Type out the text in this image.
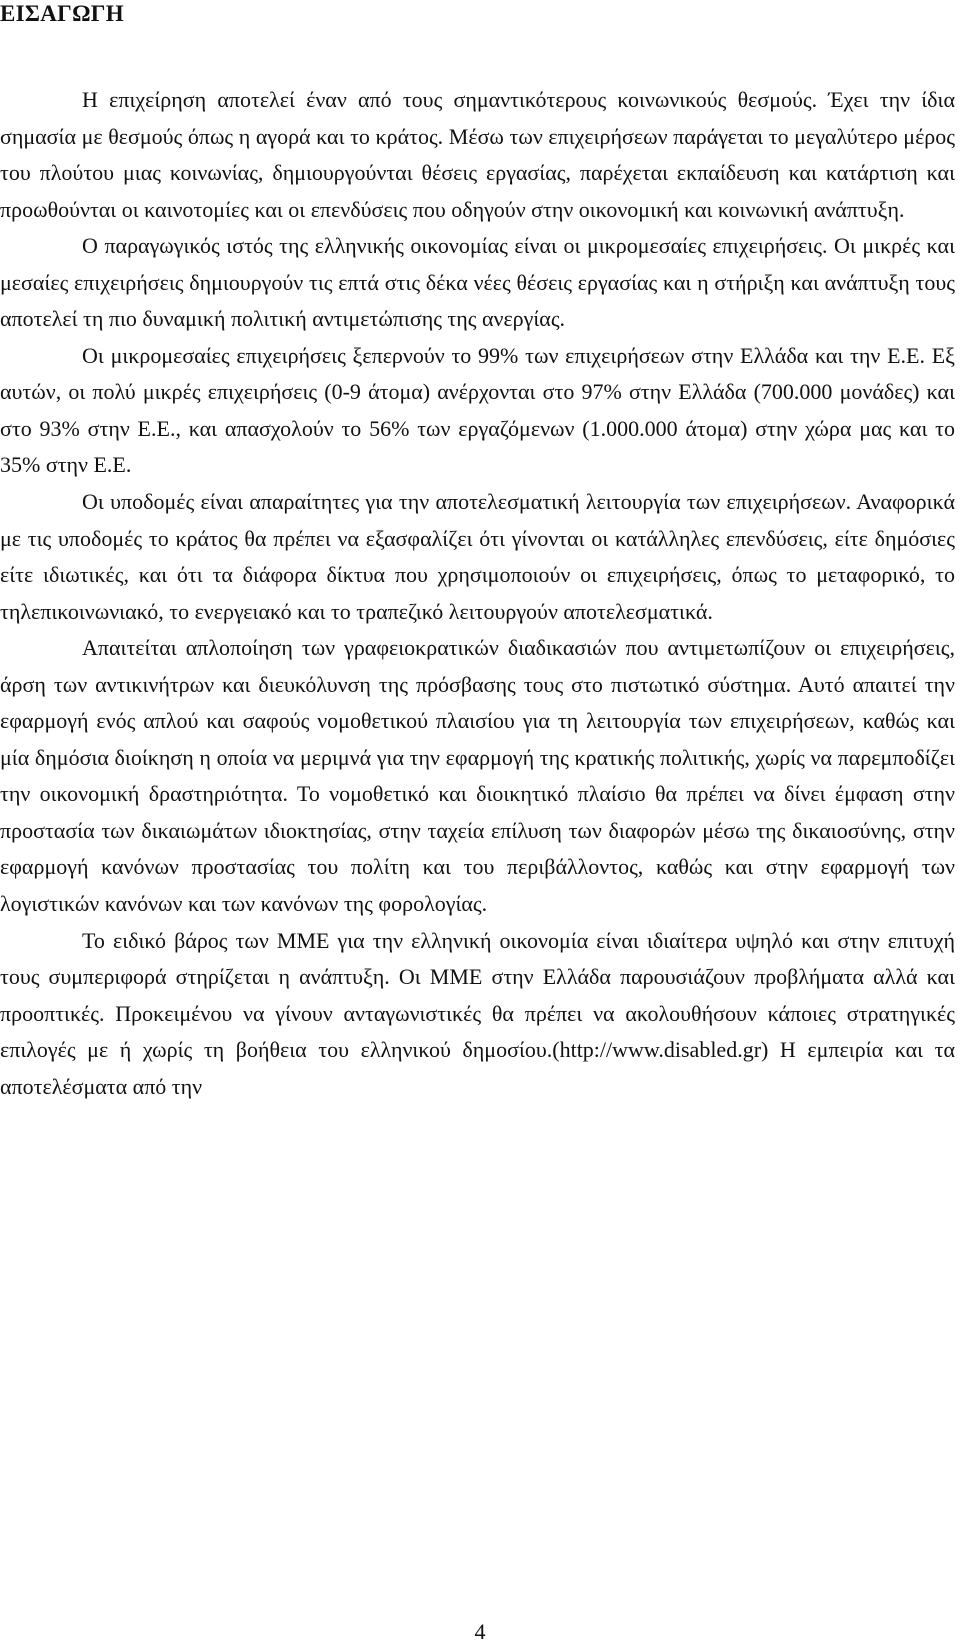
ΕΙΣΑΓΩΓΗ

Η επιχείρηση αποτελεί έναν από τους σημαντικότερους κοινωνικούς θεσμούς. Έχει την ίδια σημασία με θεσμούς όπως η αγορά και το κράτος. Μέσω των επιχειρήσεων παράγεται το μεγαλύτερο μέρος του πλούτου μιας κοινωνίας, δημιουργούνται θέσεις εργασίας, παρέχεται εκπαίδευση και κατάρτιση και προωθούνται οι καινοτομίες και οι επενδύσεις που οδηγούν στην οικονομική και κοινωνική ανάπτυξη.

Ο παραγωγικός ιστός της ελληνικής οικονομίας είναι οι μικρομεσαίες επιχειρήσεις. Οι μικρές και μεσαίες επιχειρήσεις δημιουργούν τις επτά στις δέκα νέες θέσεις εργασίας και η στήριξη και ανάπτυξη τους αποτελεί τη πιο δυναμική πολιτική αντιμετώπισης της ανεργίας.

Οι μικρομεσαίες επιχειρήσεις ξεπερνούν το 99% των επιχειρήσεων στην Ελλάδα και την Ε.Ε. Εξ αυτών, οι πολύ μικρές επιχειρήσεις (0-9 άτομα) ανέρχονται στο 97% στην Ελλάδα (700.000 μονάδες) και στο 93% στην Ε.Ε., και απασχολούν το 56% των εργαζόμενων (1.000.000 άτομα) στην χώρα μας και το 35% στην Ε.Ε.

Οι υποδομές είναι απαραίτητες για την αποτελεσματική λειτουργία των επιχειρήσεων. Αναφορικά με τις υποδομές το κράτος θα πρέπει να εξασφαλίζει ότι γίνονται οι κατάλληλες επενδύσεις, είτε δημόσιες είτε ιδιωτικές, και ότι τα διάφορα δίκτυα που χρησιμοποιούν οι επιχειρήσεις, όπως το μεταφορικό, το τηλεπικοινωνιακό, το ενεργειακό και το τραπεζικό λειτουργούν αποτελεσματικά.

Απαιτείται απλοποίηση των γραφειοκρατικών διαδικασιών που αντιμετωπίζουν οι επιχειρήσεις, άρση των αντικινήτρων και διευκόλυνση της πρόσβασης τους στο πιστωτικό σύστημα. Αυτό απαιτεί την εφαρμογή ενός απλού και σαφούς νομοθετικού πλαισίου για τη λειτουργία των επιχειρήσεων, καθώς και μία δημόσια διοίκηση η οποία να μεριμνά για την εφαρμογή της κρατικής πολιτικής, χωρίς να παρεμποδίζει την οικονομική δραστηριότητα. Το νομοθετικό και διοικητικό πλαίσιο θα πρέπει να δίνει έμφαση στην προστασία των δικαιωμάτων ιδιοκτησίας, στην ταχεία επίλυση των διαφορών μέσω της δικαιοσύνης, στην εφαρμογή κανόνων προστασίας του πολίτη και του περιβάλλοντος, καθώς και στην εφαρμογή των λογιστικών κανόνων και των κανόνων της φορολογίας.

Το ειδικό βάρος των ΜΜΕ για την ελληνική οικονομία είναι ιδιαίτερα υψηλό και στην επιτυχή τους συμπεριφορά στηρίζεται η ανάπτυξη. Οι ΜΜΕ στην Ελλάδα παρουσιάζουν προβλήματα αλλά και προοπτικές. Προκειμένου να γίνουν ανταγωνιστικές θα πρέπει να ακολουθήσουν κάποιες στρατηγικές επιλογές με ή χωρίς τη βοήθεια του ελληνικού δημοσίου.(http://www.disabled.gr) Η εμπειρία και τα αποτελέσματα από την

4
